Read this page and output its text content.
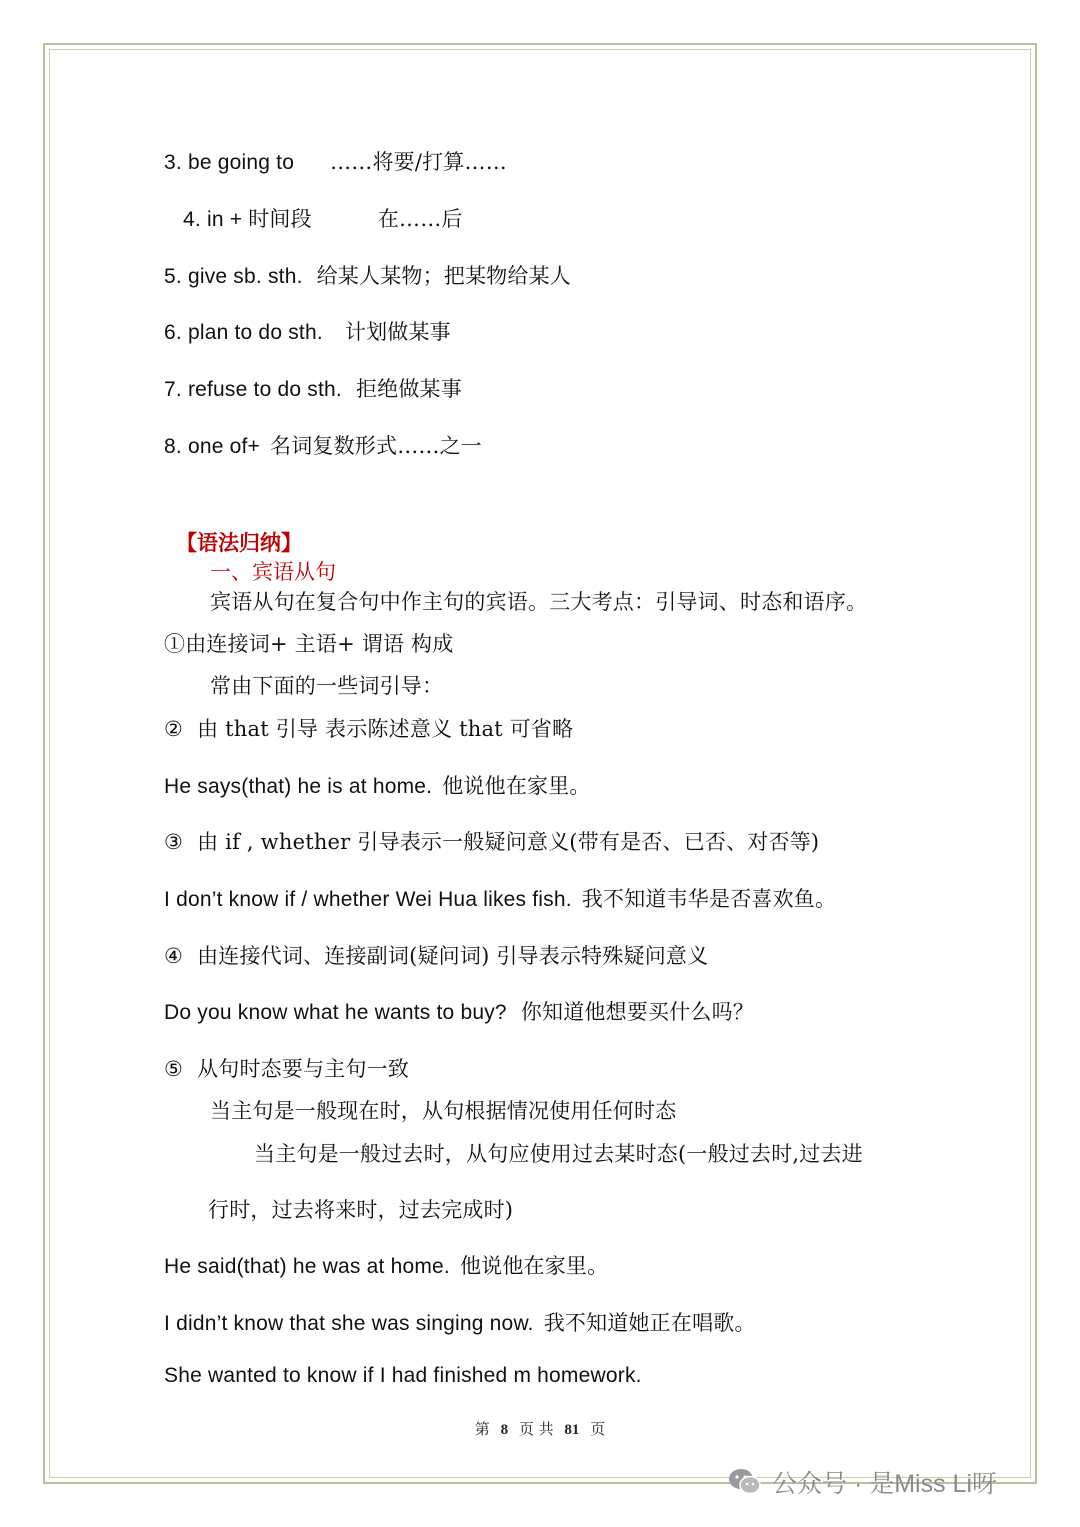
3. be going to ……将要/打算……
4. in + 时间段	在……后
5. give sb. sth. 给某人某物；把某物给某人
6. plan to do sth. 计划做某事
7. refuse to do sth. 拒绝做某事
8. one of+ 名词复数形式……之一
【语法归纳】
一、宾语从句
宾语从句在复合句中作主句的宾语。三大考点：引导词、时态和语序。
①由连接词+ 主语+ 谓语 构成
常由下面的一些词引导：
② 由 that 引导 表示陈述意义 that 可省略
He says(that) he is at home. 他说他在家里。
③ 由 if , whether 引导表示一般疑问意义(带有是否、已否、对否等)
I don’t know if / whether Wei Hua likes fish. 我不知道韦华是否喜欢鱼。
④ 由连接代词、连接副词(疑问词) 引导表示特殊疑问意义
Do you know what he wants to buy? 你知道他想要买什么吗？
⑤ 从句时态要与主句一致
当主句是一般现在时，从句根据情况使用任何时态
当主句是一般过去时，从句应使用过去某时态(一般过去时,过去进
行时，过去将来时，过去完成时)
He said(that) he was at home. 他说他在家里。
I didn’t know that she was singing now. 我不知道她正在唱歌。
She wanted to know if I had finished m homework.
第 8 页 共 81 页
公众号 · 是Miss Li呀
